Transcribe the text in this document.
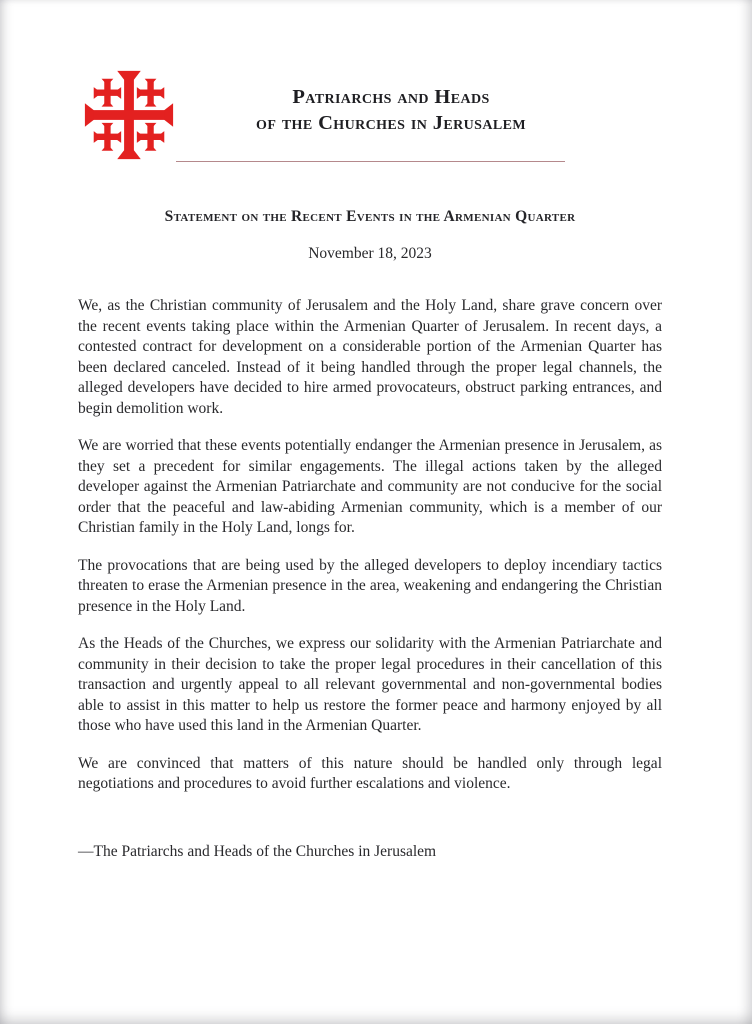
Patriarchs and Heads
of the Churches in Jerusalem
Statement on the Recent Events in the Armenian Quarter
November 18, 2023

We, as the Christian community of Jerusalem and the Holy Land, share grave concern over the recent events taking place within the Armenian Quarter of Jerusalem. In recent days, a contested contract for development on a considerable portion of the Armenian Quarter has been declared canceled. Instead of it being handled through the proper legal channels, the alleged developers have decided to hire armed provocateurs, obstruct parking entrances, and begin demolition work.

We are worried that these events potentially endanger the Armenian presence in Jerusalem, as they set a precedent for similar engagements. The illegal actions taken by the alleged developer against the Armenian Patriarchate and community are not conducive for the social order that the peaceful and law-abiding Armenian community, which is a member of our Christian family in the Holy Land, longs for.

The provocations that are being used by the alleged developers to deploy incendiary tactics threaten to erase the Armenian presence in the area, weakening and endangering the Christian presence in the Holy Land.

As the Heads of the Churches, we express our solidarity with the Armenian Patriarchate and community in their decision to take the proper legal procedures in their cancellation of this transaction and urgently appeal to all relevant governmental and non-governmental bodies able to assist in this matter to help us restore the former peace and harmony enjoyed by all those who have used this land in the Armenian Quarter.

We are convinced that matters of this nature should be handled only through legal negotiations and procedures to avoid further escalations and violence.

—The Patriarchs and Heads of the Churches in Jerusalem
